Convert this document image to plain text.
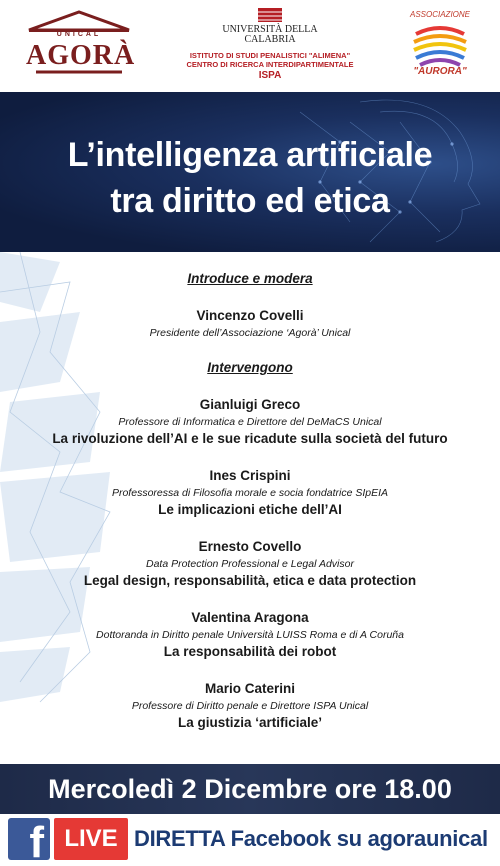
UNICAL
AGORÀ
UNIVERSITÀ DELLA
CALABRIA
ISTITUTO DI STUDI PENALISTICI "ALIMENA"
CENTRO DI RICERCA INTERDIPARTIMENTALE
ISPA
ASSOCIAZIONE
"AURORA"
L’intelligenza artificiale
tra diritto ed etica
Introduce e modera
Vincenzo Covelli
Presidente dell’Associazione ‘Agorà’ Unical
Intervengono
Gianluigi Greco
Professore di Informatica e Direttore del DeMaCS Unical
La rivoluzione dell’AI e le sue ricadute sulla società del futuro
Ines Crispini
Professoressa di Filosofia morale e socia fondatrice SIpEIA
Le implicazioni etiche dell’AI
Ernesto Covello
Data Protection Professional e Legal Advisor
Legal design, responsabilità, etica e data protection
Valentina Aragona
Dottoranda in Diritto penale Università LUISS Roma e di A Coruña
La responsabilità dei robot
Mario Caterini
Professore di Diritto penale e Direttore ISPA Unical
La giustizia ‘artificiale’
Mercoledì 2 Dicembre ore 18.00
f LIVE DIRETTA Facebook su agoraunical
